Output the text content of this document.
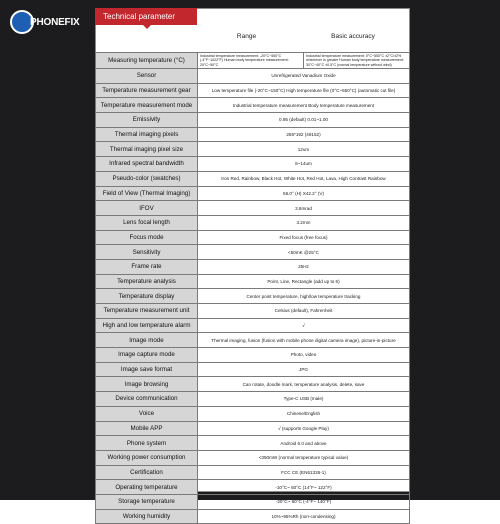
PHONEFIX
Technical parameter
Range	Basic accuracy
Measuring temperature (°C)	Industrial temperature measurement: -20°C~550°C (-4°F~1022°F) Human body temperature measurement: 20°C~50°C	Industrial temperature measurement: 0°C~550°C ±2°C/±2% whichever is greater Human body temperature measurement: 30°C~40°C ±0.5°C (normal temperature without wind)
Sensor	Unrefrigerated Vanadium Oxide	
Temperature measurement gear	Low temperature file (-20°C~150°C) High temperature file (0°C~550°C) (automatic cut file)	
Temperature measurement mode	Industrial temperature measurement Body temperature measurement	
Emissivity	0.95 (default) 0.01~1.00	
Thermal imaging pixels	256*192 (49152)	
Thermal imaging pixel size	12um	
Infrared spectral bandwidth	8~14um	
Pseudo-color (swatches)	Iron Red, Rainbow, Black Hot, White Hot, Red Hot, Lava, High Contrast Rainbow	
Field of View (Thermal Imaging)	56.0° (H) X42.2° (V)	
IFOV	3.8mrad	
Lens focal length	3.2mm	
Focus mode	Fixed focus (free focus)	
Sensitivity	<50mK @25°C	
Frame rate	25Hz	
Temperature analysis	Point, Line, Rectangle (add up to 6)	
Temperature display	Center point temperature, high/low temperature tracking	
Temperature measurement unit	Celsius (default), Fahrenheit	
High and low temperature alarm	√	
Image mode	Thermal imaging, fusion (fusion with mobile phone digital camera image), picture-in-picture	
Image capture mode	Photo, video	
Image save format	JPG	
Image browsing	Can rotate, doodle mark, temperature analysis, delete, save	
Device communication	Type-C USB (male)	
Voice	Chinese/English	
Mobile APP	√ (supports Google Play)	
Phone system	Android 6.0 and above	
Working power consumption	<350mW (normal temperature typical value)	
Certification	FCC CE (EN61326-1)	
Operating temperature	-10°C~ 50°C (14°F~ 122°F)	
Storage temperature	-20°C~ 60°C (-4°F~ 140°F)	
Working humidity	10%~95%Rh (non-condensing)	
